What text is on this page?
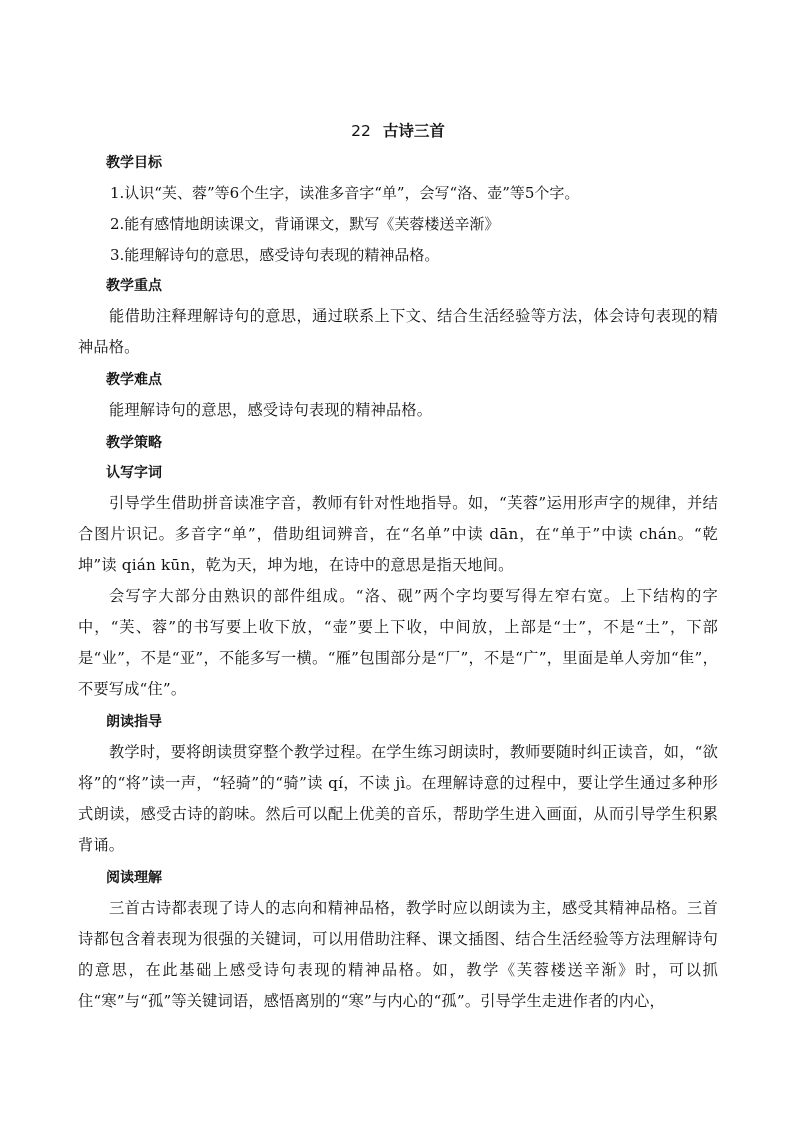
22 古诗三首
教学目标
1.认识“芙、蓉”等6个生字，读准多音字“单”，会写“洛、壶”等5个字。
2.能有感情地朗读课文，背诵课文，默写《芙蓉楼送辛渐》
3.能理解诗句的意思，感受诗句表现的精神品格。
教学重点
能借助注释理解诗句的意思，通过联系上下文、结合生活经验等方法，体会诗句表现的精神品格。
教学难点
能理解诗句的意思，感受诗句表现的精神品格。
教学策略
认写字词
引导学生借助拼音读准字音，教师有针对性地指导。如，“芙蓉”运用形声字的规律，并结合图片识记。多音字“单”，借助组词辨音，在“名单”中读 dān，在“单于”中读 chán。“乾坤”读 qián kūn，乾为天，坤为地，在诗中的意思是指天地间。
会写字大部分由熟识的部件组成。“洛、砚”两个字均要写得左窄右宽。上下结构的字中，“芙、蓉”的书写要上收下放，“壶”要上下收，中间放，上部是“士”，不是“土”，下部是“业”，不是“亚”，不能多写一横。“雁”包围部分是“厂”，不是“广”，里面是单人旁加“隹”，不要写成“住”。
朗读指导
教学时，要将朗读贯穿整个教学过程。在学生练习朗读时，教师要随时纠正读音，如，“欲将”的“将”读一声，“轻骑”的“骑”读 qí，不读 jì。在理解诗意的过程中，要让学生通过多种形式朗读，感受古诗的韵味。然后可以配上优美的音乐，帮助学生进入画面，从而引导学生积累背诵。
阅读理解
三首古诗都表现了诗人的志向和精神品格，教学时应以朗读为主，感受其精神品格。三首诗都包含着表现为很强的关键词，可以用借助注释、课文插图、结合生活经验等方法理解诗句的意思，在此基础上感受诗句表现的精神品格。如，教学《芙蓉楼送辛渐》时，可以抓住“寒”与“孤”等关键词语，感悟离别的“寒”与内心的“孤”。引导学生走进作者的内心，
